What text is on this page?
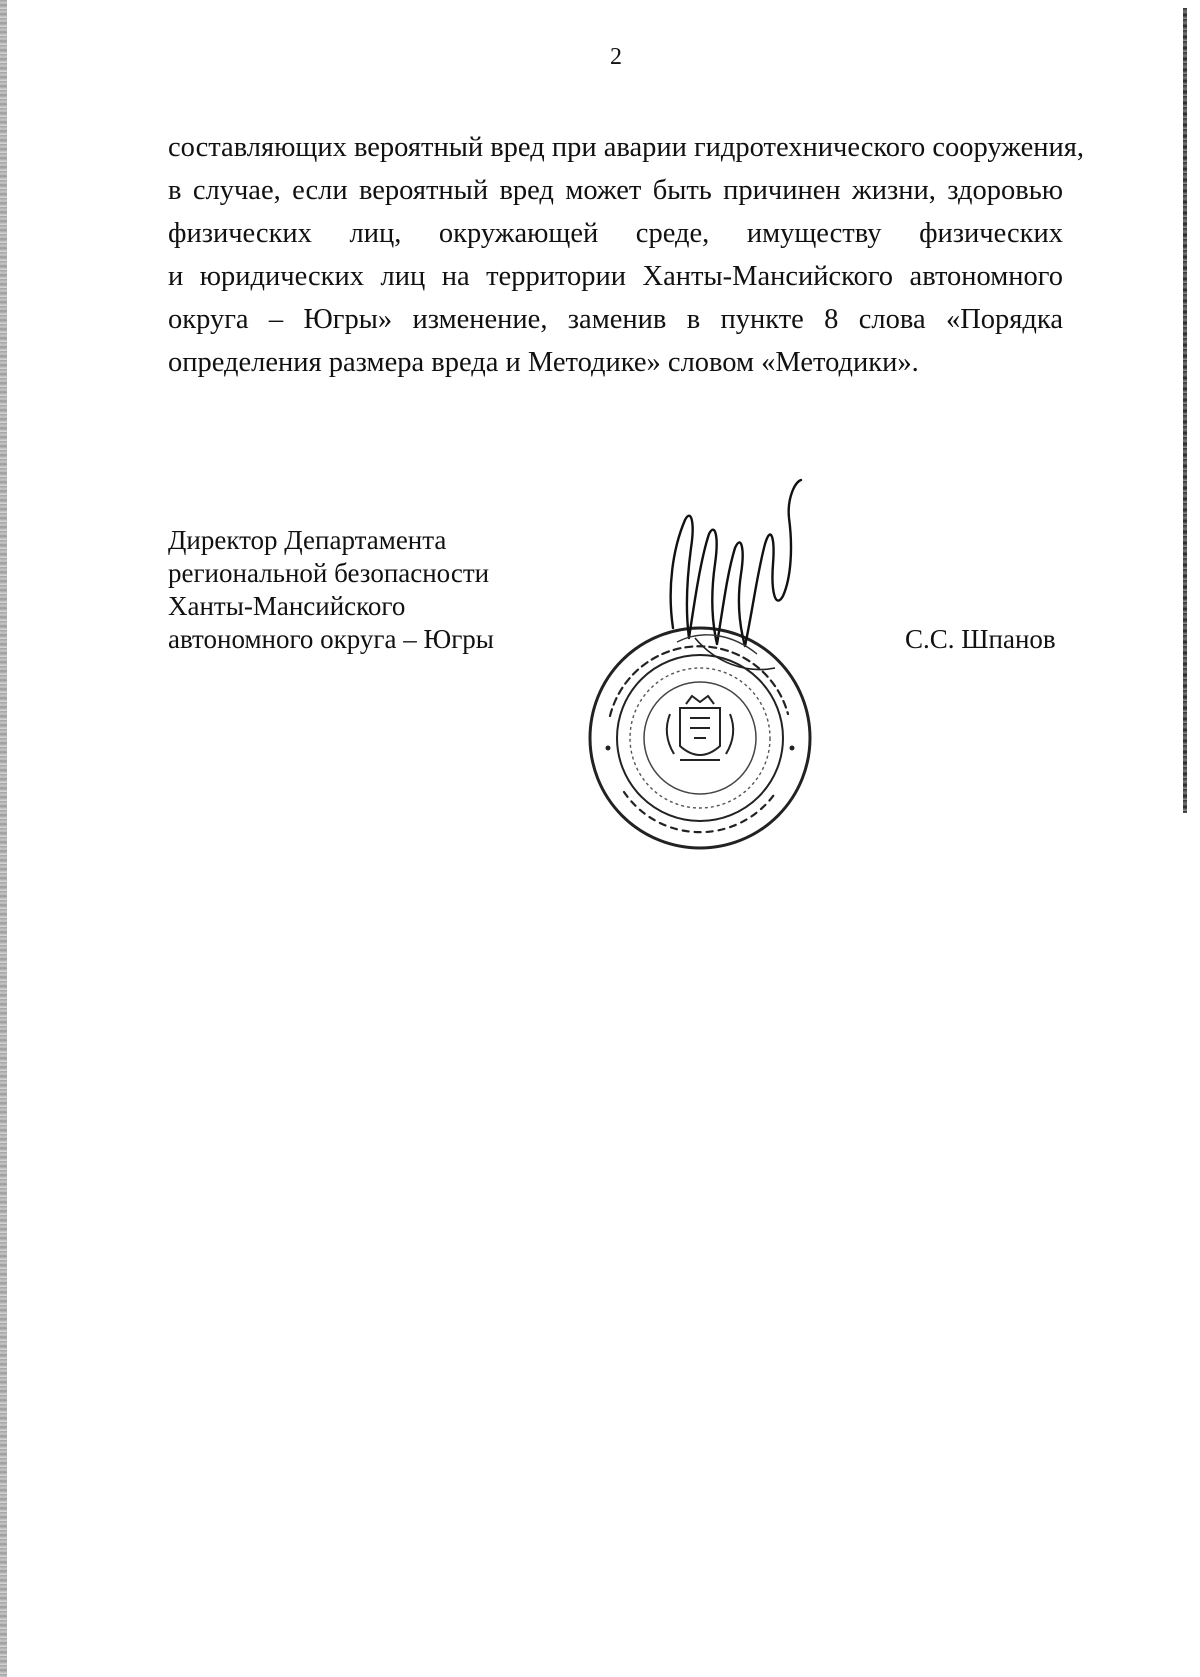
2

составляющих вероятный вред при аварии гидротехнического сооружения,
в случае, если вероятный вред может быть причинен жизни, здоровью
физических лиц, окружающей среде, имуществу физических
и юридических лиц на территории Ханты-Мансийского автономного
округа – Югры» изменение, заменив в пункте 8 слова «Порядка
определения размера вреда и Методике» словом «Методики».

Директор Департамента
региональной безопасности
Ханты-Мансийского
автономного округа – Югры	С.С. Шпанов
